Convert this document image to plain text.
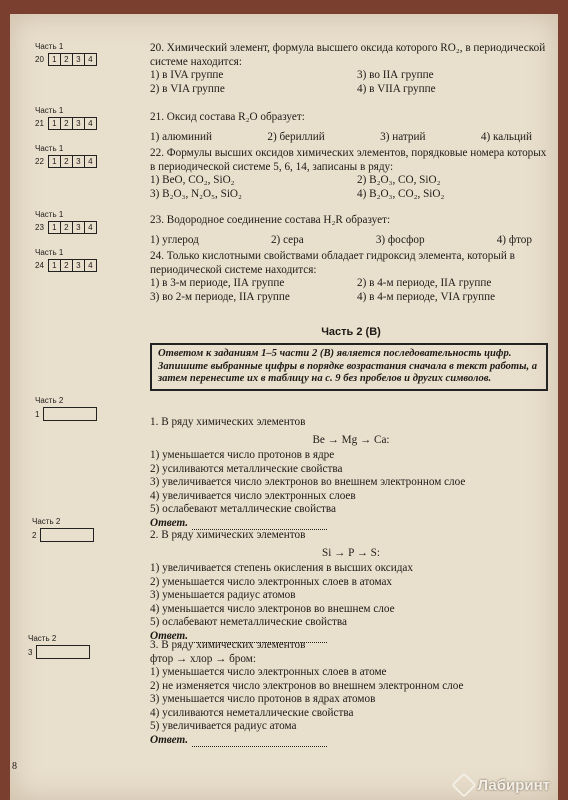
Часть 1
20	1 2 3 4
Часть 1
21	1 2 3 4
Часть 1
22	1 2 3 4
Часть 1
23	1 2 3 4
Часть 1
24	1 2 3 4
Часть 2
1
Часть 2
2
Часть 2
3
20. Химический элемент, формула высшего оксида которого RO₂, в периодической системе находится:
1) в IVA группе	3) во IIА группе
2) в VIA группе	4) в VIIA группе
21. Оксид состава R₂O образует:
1) алюминий	2) бериллий	3) натрий	4) кальций
22. Формулы высших оксидов химических элементов, порядковые номера которых в периодической системе 5, 6, 14, записаны в ряду:
1) BeO, CO₂, SiO₂	2) B₂O₃, CO, SiO₂
3) B₂O₃, N₂O₅, SiO₂	4) B₂O₃, CO₂, SiO₂
23. Водородное соединение состава H₂R образует:
1) углерод	2) сера	3) фосфор	4) фтор
24. Только кислотными свойствами обладает гидроксид элемента, который в периодической системе находится:
1) в 3-м периоде, IIА группе	2) в 4-м периоде, IIА группе
3) во 2-м периоде, IIА группе	4) в 4-м периоде, VIA группе
Часть 2 (В)
Ответом к заданиям 1–5 части 2 (В) является последовательность цифр. Запишите выбранные цифры в порядке возрастания сначала в текст работы, а затем перенесите их в таблицу на с. 9 без пробелов и других символов.
1. В ряду химических элементов
Be → Mg → Ca:
1) уменьшается число протонов в ядре
2) усиливаются металлические свойства
3) увеличивается число электронов во внешнем электронном слое
4) увеличивается число электронных слоев
5) ослабевают металлические свойства
Ответ.
2. В ряду химических элементов
Si → P → S:
1) увеличивается степень окисления в высших оксидах
2) уменьшается число электронных слоев в атомах
3) уменьшается радиус атомов
4) уменьшается число электронов во внешнем слое
5) ослабевают неметаллические свойства
Ответ.
3. В ряду химических элементов
фтор → хлор → бром:
1) уменьшается число электронных слоев в атоме
2) не изменяется число электронов во внешнем электронном слое
3) уменьшается число протонов в ядрах атомов
4) усиливаются неметаллические свойства
5) увеличивается радиус атома
Ответ.
8
Лабиринт
